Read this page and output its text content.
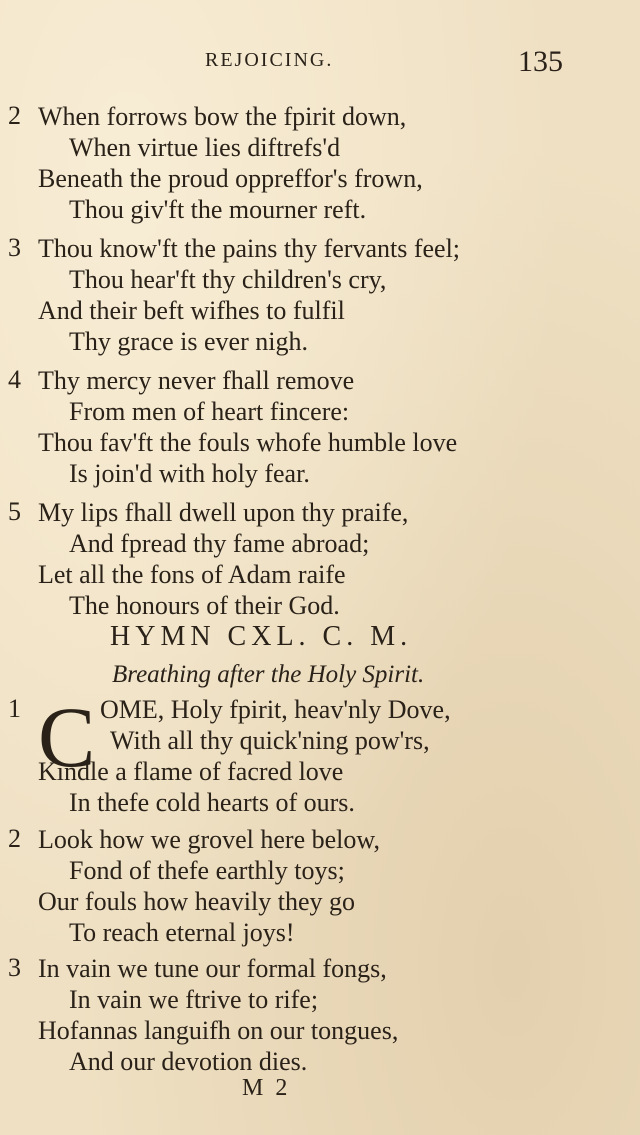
REJOICING.	135
2 When forrows bow the fpirit down,
When virtue lies diftrefs'd
Beneath the proud oppreffor's frown,
Thou giv'ft the mourner reft.
3 Thou know'ft the pains thy fervants feel;
Thou hear'ft thy children's cry,
And their beft wifhes to fulfil
Thy grace is ever nigh.
4 Thy mercy never fhall remove
From men of heart fincere:
Thou fav'ft the fouls whofe humble love
Is join'd with holy fear.
5 My lips fhall dwell upon thy praife,
And fpread thy fame abroad;
Let all the fons of Adam raife
The honours of their God.
HYMN CXL. C. M.
Breathing after the Holy Spirit.
C
1	OME, Holy fpirit, heav'nly Dove,
With all thy quick'ning pow'rs,
Kindle a flame of facred love
In thefe cold hearts of ours.
2 Look how we grovel here below,
Fond of thefe earthly toys;
Our fouls how heavily they go
To reach eternal joys!
3 In vain we tune our formal fongs,
In vain we ftrive to rife;
Hofannas languifh on our tongues,
And our devotion dies.
M 2
